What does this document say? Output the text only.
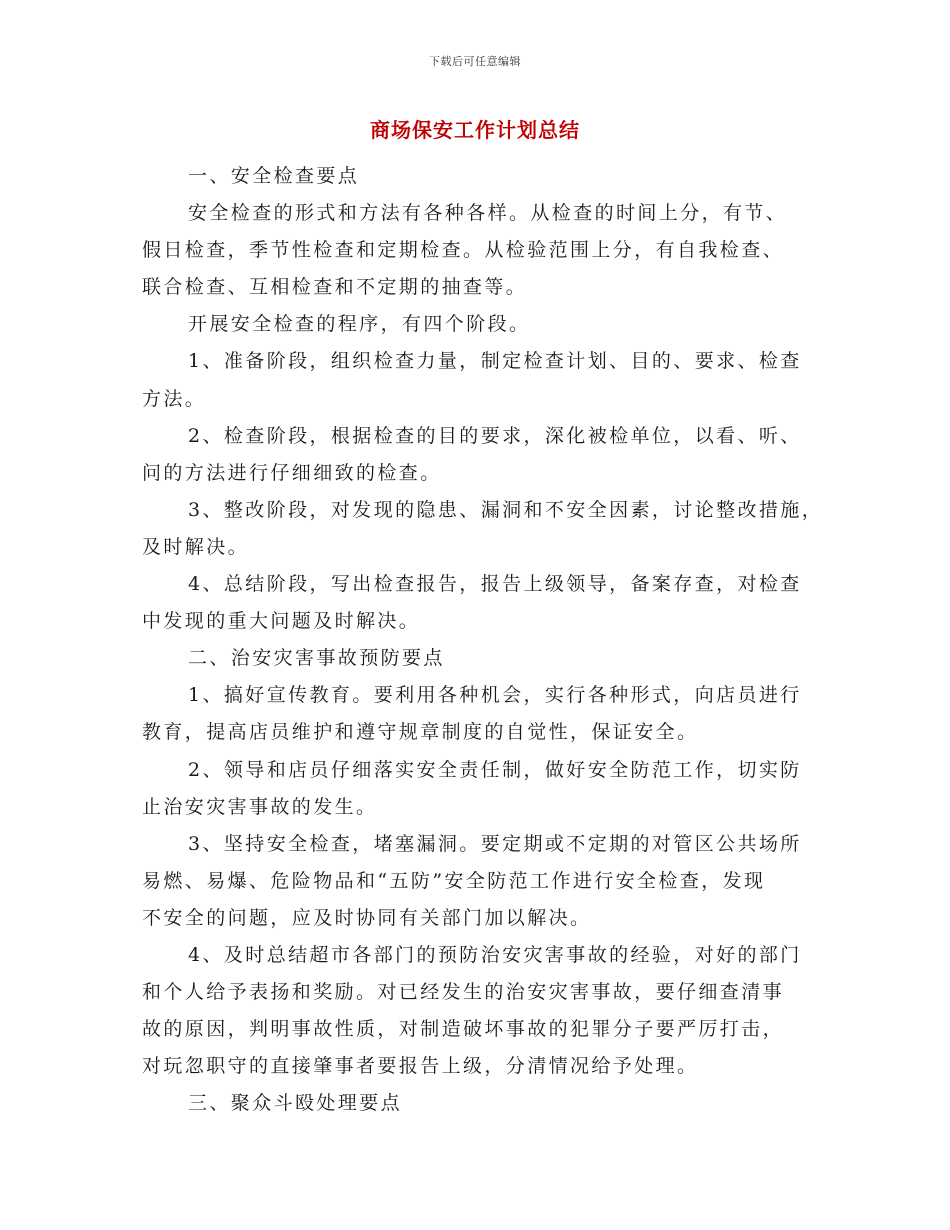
下载后可任意编辑
商场保安工作计划总结
一、安全检查要点
安全检查的形式和方法有各种各样。从检查的时间上分，有节、
假日检查，季节性检查和定期检查。从检验范围上分，有自我检查、
联合检查、互相检查和不定期的抽查等。
开展安全检查的程序，有四个阶段。
1、准备阶段，组织检查力量，制定检查计划、目的、要求、检查
方法。
2、检查阶段，根据检查的目的要求，深化被检单位，以看、听、
问的方法进行仔细细致的检查。
3、整改阶段，对发现的隐患、漏洞和不安全因素，讨论整改措施，
及时解决。
4、总结阶段，写出检查报告，报告上级领导，备案存查，对检查
中发现的重大问题及时解决。
二、治安灾害事故预防要点
1、搞好宣传教育。要利用各种机会，实行各种形式，向店员进行
教育，提高店员维护和遵守规章制度的自觉性，保证安全。
2、领导和店员仔细落实安全责任制，做好安全防范工作，切实防
止治安灾害事故的发生。
3、坚持安全检查，堵塞漏洞。要定期或不定期的对管区公共场所
易燃、易爆、危险物品和“五防”安全防范工作进行安全检查，发现
不安全的问题，应及时协同有关部门加以解决。
4、及时总结超市各部门的预防治安灾害事故的经验，对好的部门
和个人给予表扬和奖励。对已经发生的治安灾害事故，要仔细查清事
故的原因，判明事故性质，对制造破坏事故的犯罪分子要严厉打击，
对玩忽职守的直接肇事者要报告上级，分清情况给予处理。
三、聚众斗殴处理要点
